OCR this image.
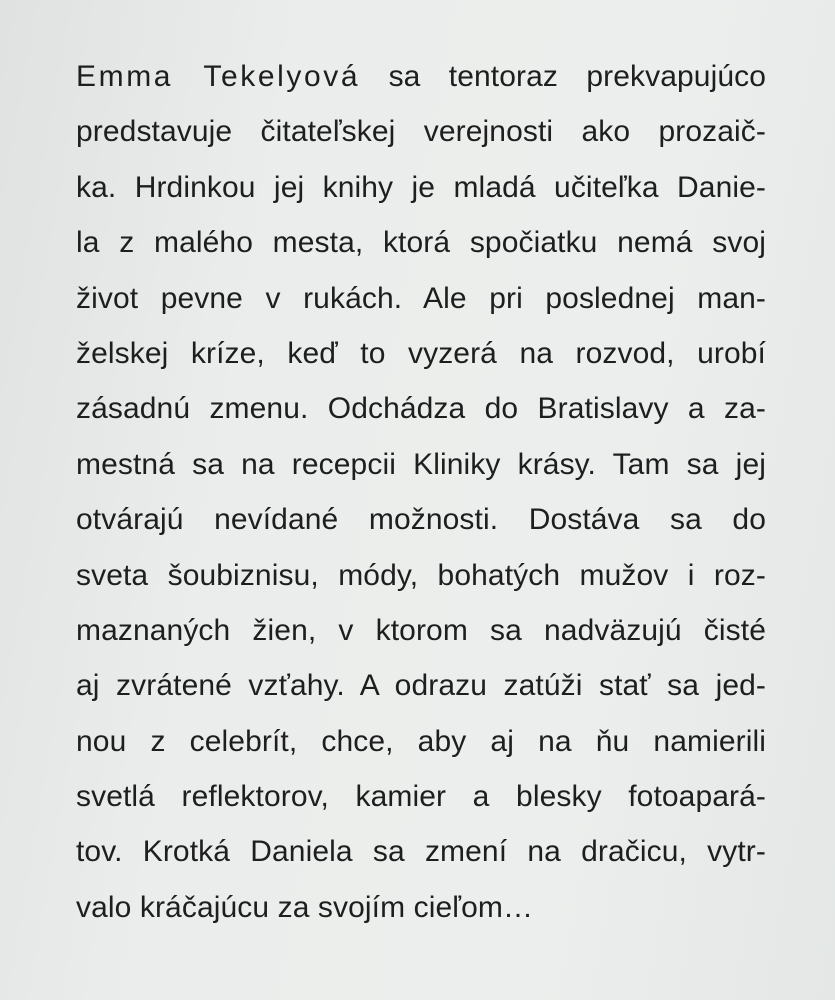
Emma Tekelyová sa tentoraz prekvapujúco
predstavuje čitateľskej verejnosti ako prozaič-
ka. Hrdinkou jej knihy je mladá učiteľka Danie-
la z malého mesta, ktorá spočiatku nemá svoj
život pevne v rukách. Ale pri poslednej man-
želskej kríze, keď to vyzerá na rozvod, urobí
zásadnú zmenu. Odchádza do Bratislavy a za-
mestná sa na recepcii Kliniky krásy. Tam sa jej
otvárajú nevídané možnosti. Dostáva sa do
sveta šoubiznisu, módy, bohatých mužov i roz-
maznaných žien, v ktorom sa nadväzujú čisté
aj zvrátené vzťahy. A odrazu zatúži stať sa jed-
nou z celebrít, chce, aby aj na ňu namierili
svetlá reflektorov, kamier a blesky fotoapará-
tov. Krotká Daniela sa zmení na dračicu, vytr-
valo kráčajúcu za svojím cieľom…
